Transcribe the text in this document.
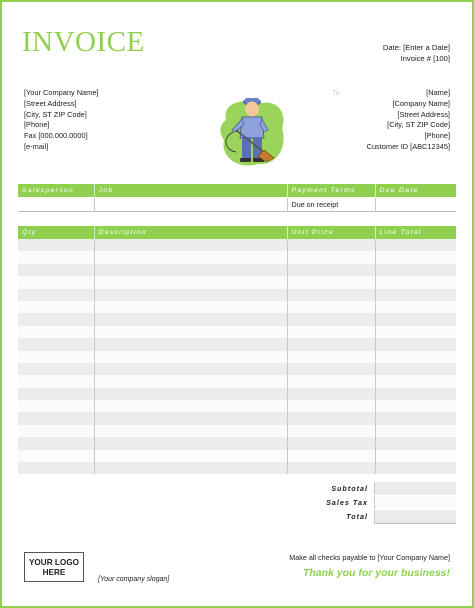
INVOICE	Date: [Enter a Date]
Invoice # [100]
[Your Company Name]
[Street Address]
[City, ST ZIP Code]
[Phone]
Fax [000.000.0000]
[e-mail]
To	[Name]
[Company Name]
[Street Address]
[City, ST ZIP Code]
[Phone]
Customer ID [ABC12345]
Salesperson	Job	Payment Terms	Due Date
		Due on receipt	
Qty	Description	Unit Price	Line Total

Subtotal
Sales Tax
Total
YOUR LOGO
HERE
[Your company slogan]
Make all checks payable to [Your Company Name]
Thank you for your business!
